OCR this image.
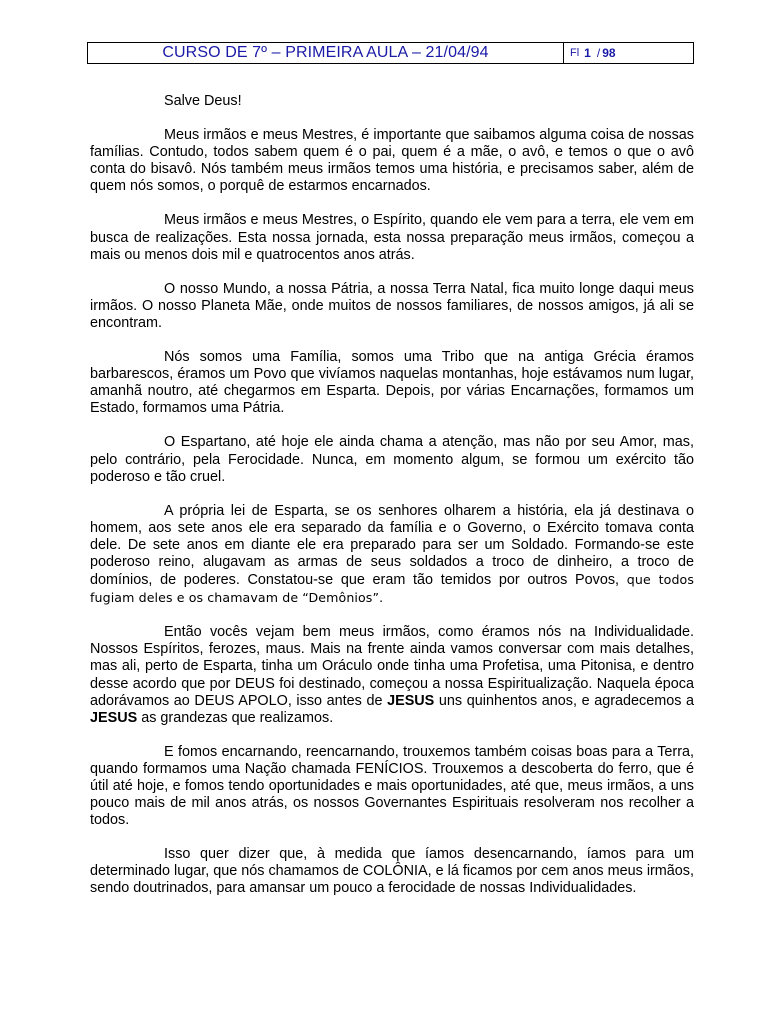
CURSO DE 7º – PRIMEIRA AULA – 21/04/94	Fl 1 / 98

Salve Deus!

Meus irmãos e meus Mestres, é importante que saibamos alguma coisa de nossas famílias. Contudo, todos sabem quem é o pai, quem é a mãe, o avô, e temos o que o avô conta do bisavô. Nós também meus irmãos temos uma história, e precisamos saber, além de quem nós somos, o porquê de estarmos encarnados.

Meus irmãos e meus Mestres, o Espírito, quando ele vem para a terra, ele vem em busca de realizações. Esta nossa jornada, esta nossa preparação meus irmãos, começou a mais ou menos dois mil e quatrocentos anos atrás.

O nosso Mundo, a nossa Pátria, a nossa Terra Natal, fica muito longe daqui meus irmãos. O nosso Planeta Mãe, onde muitos de nossos familiares, de nossos amigos, já ali se encontram.

Nós somos uma Família, somos uma Tribo que na antiga Grécia éramos barbarescos, éramos um Povo que vivíamos naquelas montanhas, hoje estávamos num lugar, amanhã noutro, até chegarmos em Esparta. Depois, por várias Encarnações, formamos um Estado, formamos uma Pátria.

O Espartano, até hoje ele ainda chama a atenção, mas não por seu Amor, mas, pelo contrário, pela Ferocidade. Nunca, em momento algum, se formou um exército tão poderoso e tão cruel.

A própria lei de Esparta, se os senhores olharem a história, ela já destinava o homem, aos sete anos ele era separado da família e o Governo, o Exército tomava conta dele. De sete anos em diante ele era preparado para ser um Soldado. Formando-se este poderoso reino, alugavam as armas de seus soldados a troco de dinheiro, a troco de domínios, de poderes. Constatou-se que eram tão temidos por outros Povos, que todos fugiam deles e os chamavam de “Demônios”.

Então vocês vejam bem meus irmãos, como éramos nós na Individualidade. Nossos Espíritos, ferozes, maus. Mais na frente ainda vamos conversar com mais detalhes, mas ali, perto de Esparta, tinha um Oráculo onde tinha uma Profetisa, uma Pitonisa, e dentro desse acordo que por DEUS foi destinado, começou a nossa Espiritualização. Naquela época adorávamos ao DEUS APOLO, isso antes de JESUS uns quinhentos anos, e agradecemos a JESUS as grandezas que realizamos.

E fomos encarnando, reencarnando, trouxemos também coisas boas para a Terra, quando formamos uma Nação chamada FENÍCIOS. Trouxemos a descoberta do ferro, que é útil até hoje, e fomos tendo oportunidades e mais oportunidades, até que, meus irmãos, a uns pouco mais de mil anos atrás, os nossos Governantes Espirituais resolveram nos recolher a todos.

Isso quer dizer que, à medida que íamos desencarnando, íamos para um determinado lugar, que nós chamamos de COLÔNIA, e lá ficamos por cem anos meus irmãos, sendo doutrinados, para amansar um pouco a ferocidade de nossas Individualidades.
